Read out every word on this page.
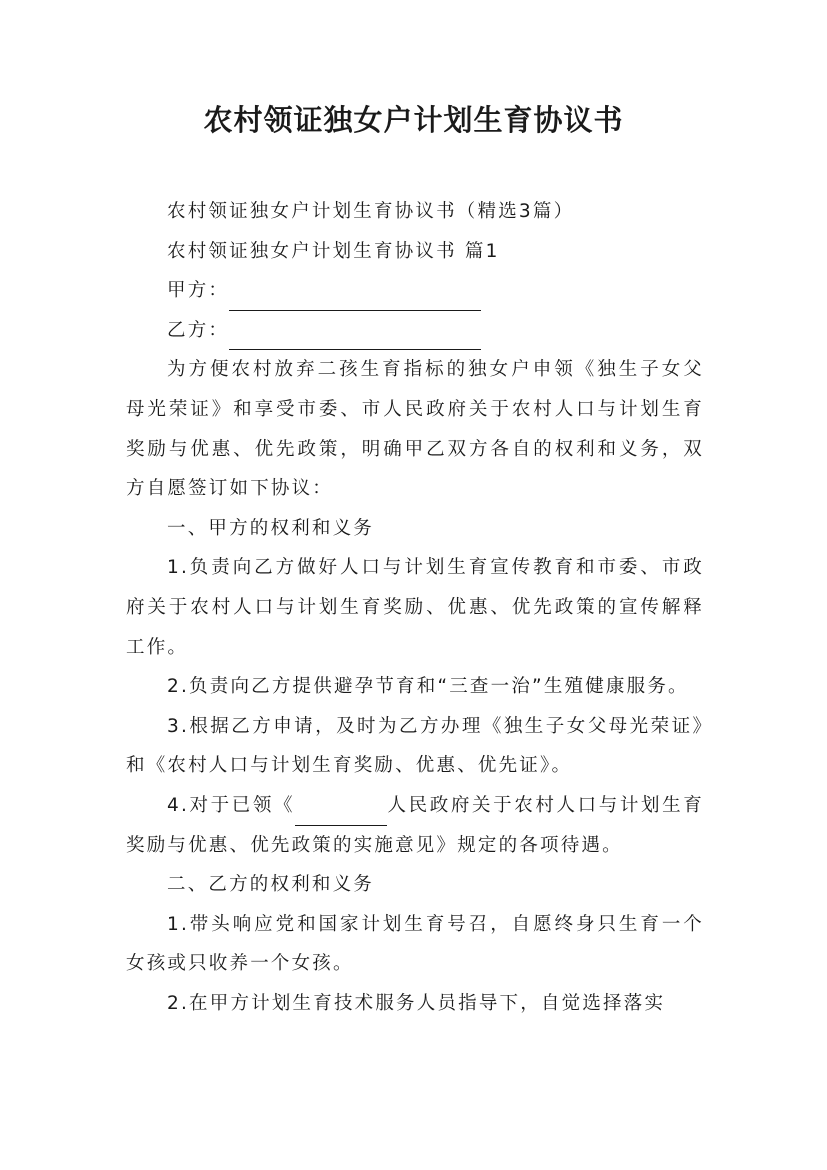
农村领证独女户计划生育协议书

农村领证独女户计划生育协议书（精选3篇）

农村领证独女户计划生育协议书 篇1

甲方：

乙方：

为方便农村放弃二孩生育指标的独女户申领《独生子女父母光荣证》和享受市委、市人民政府关于农村人口与计划生育奖励与优惠、优先政策，明确甲乙双方各自的权利和义务，双方自愿签订如下协议：

一、甲方的权利和义务

1.负责向乙方做好人口与计划生育宣传教育和市委、市政府关于农村人口与计划生育奖励、优惠、优先政策的宣传解释工作。

2.负责向乙方提供避孕节育和“三查一治”生殖健康服务。

3.根据乙方申请，及时为乙方办理《独生子女父母光荣证》和《农村人口与计划生育奖励、优惠、优先证》。

4.对于已领《	人民政府关于农村人口与计划生育奖励与优惠、优先政策的实施意见》规定的各项待遇。

二、乙方的权利和义务

1.带头响应党和国家计划生育号召，自愿终身只生育一个女孩或只收养一个女孩。

2.在甲方计划生育技术服务人员指导下，自觉选择落实
